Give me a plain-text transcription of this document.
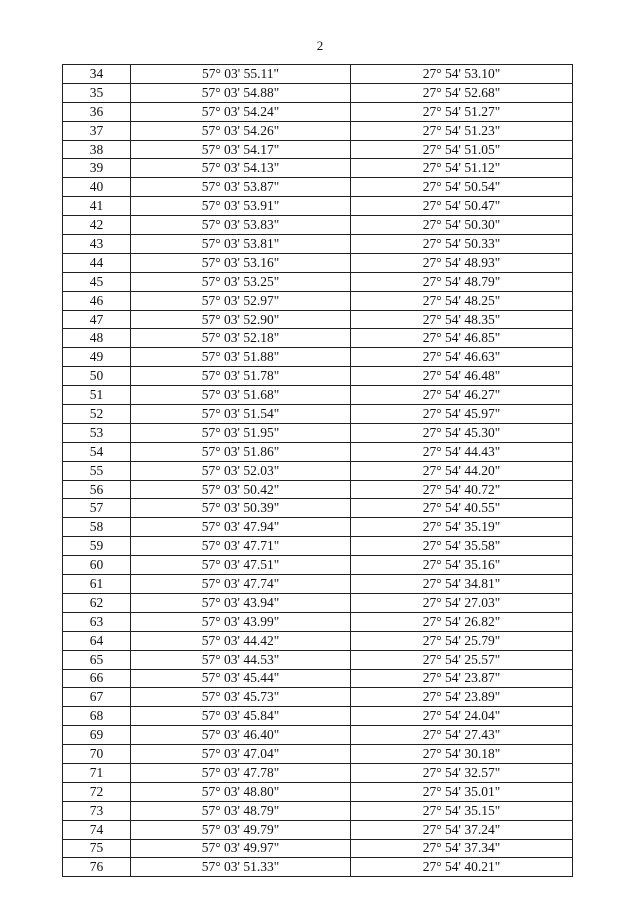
2
34	57° 03' 55.11"	27° 54' 53.10"
35	57° 03' 54.88"	27° 54' 52.68"
36	57° 03' 54.24"	27° 54' 51.27"
37	57° 03' 54.26"	27° 54' 51.23"
38	57° 03' 54.17"	27° 54' 51.05"
39	57° 03' 54.13"	27° 54' 51.12"
40	57° 03' 53.87"	27° 54' 50.54"
41	57° 03' 53.91"	27° 54' 50.47"
42	57° 03' 53.83"	27° 54' 50.30"
43	57° 03' 53.81"	27° 54' 50.33"
44	57° 03' 53.16"	27° 54' 48.93"
45	57° 03' 53.25"	27° 54' 48.79"
46	57° 03' 52.97"	27° 54' 48.25"
47	57° 03' 52.90"	27° 54' 48.35"
48	57° 03' 52.18"	27° 54' 46.85"
49	57° 03' 51.88"	27° 54' 46.63"
50	57° 03' 51.78"	27° 54' 46.48"
51	57° 03' 51.68"	27° 54' 46.27"
52	57° 03' 51.54"	27° 54' 45.97"
53	57° 03' 51.95"	27° 54' 45.30"
54	57° 03' 51.86"	27° 54' 44.43"
55	57° 03' 52.03"	27° 54' 44.20"
56	57° 03' 50.42"	27° 54' 40.72"
57	57° 03' 50.39"	27° 54' 40.55"
58	57° 03' 47.94"	27° 54' 35.19"
59	57° 03' 47.71"	27° 54' 35.58"
60	57° 03' 47.51"	27° 54' 35.16"
61	57° 03' 47.74"	27° 54' 34.81"
62	57° 03' 43.94"	27° 54' 27.03"
63	57° 03' 43.99"	27° 54' 26.82"
64	57° 03' 44.42"	27° 54' 25.79"
65	57° 03' 44.53"	27° 54' 25.57"
66	57° 03' 45.44"	27° 54' 23.87"
67	57° 03' 45.73"	27° 54' 23.89"
68	57° 03' 45.84"	27° 54' 24.04"
69	57° 03' 46.40"	27° 54' 27.43"
70	57° 03' 47.04"	27° 54' 30.18"
71	57° 03' 47.78"	27° 54' 32.57"
72	57° 03' 48.80"	27° 54' 35.01"
73	57° 03' 48.79"	27° 54' 35.15"
74	57° 03' 49.79"	27° 54' 37.24"
75	57° 03' 49.97"	27° 54' 37.34"
76	57° 03' 51.33"	27° 54' 40.21"
